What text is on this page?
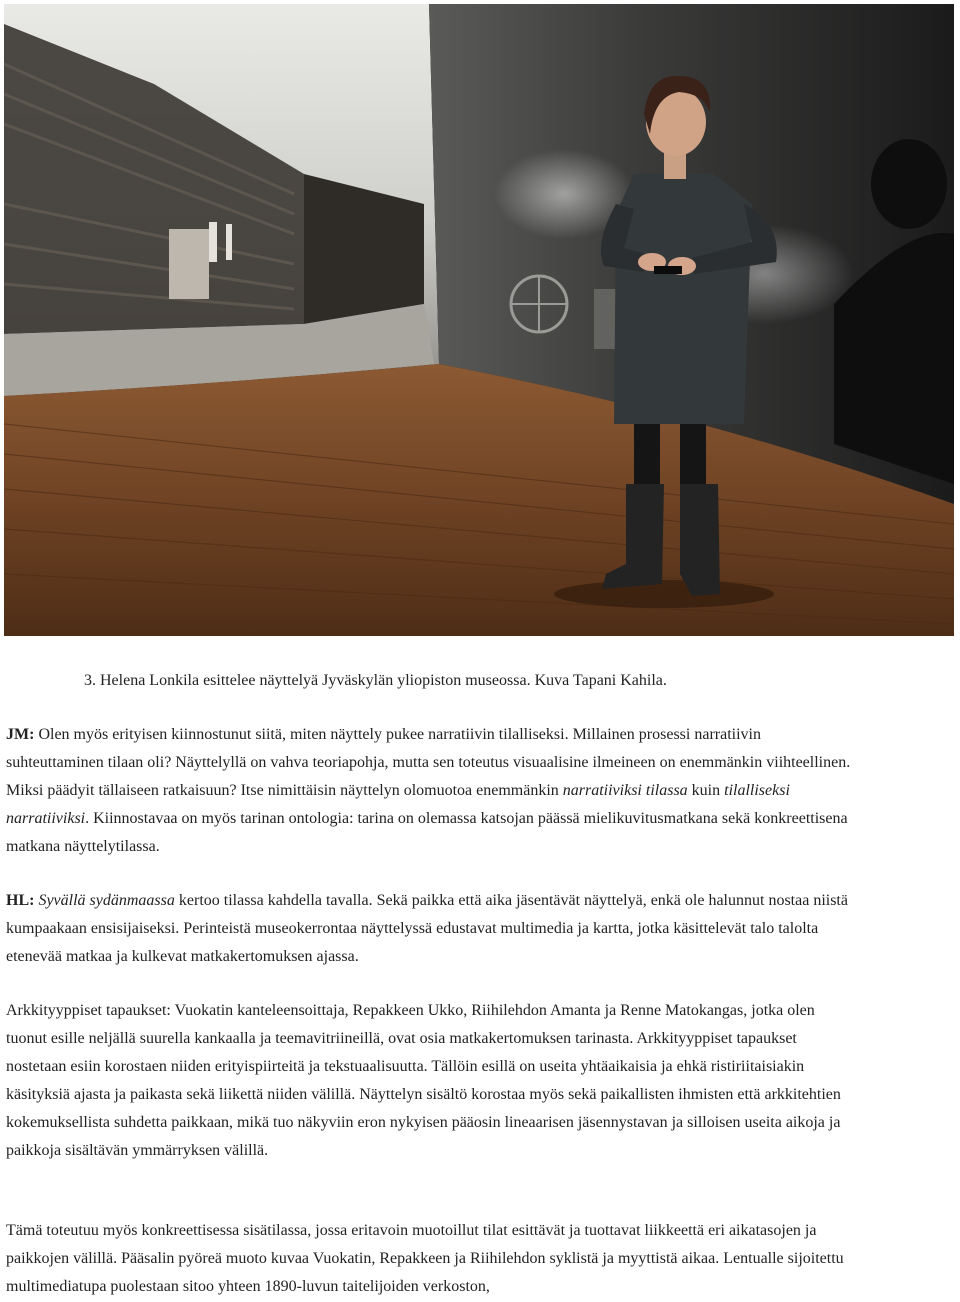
3. Helena Lonkila esittelee näyttelyä Jyväskylän yliopiston museossa. Kuva Tapani Kahila.

JM: Olen myös erityisen kiinnostunut siitä, miten näyttely pukee narratiivin tilalliseksi. Millainen prosessi narratiivin suhteuttaminen tilaan oli? Näyttelyllä on vahva teoriapohja, mutta sen toteutus visuaalisine ilmeineen on enemmänkin viihteellinen. Miksi päädyit tällaiseen ratkaisuun? Itse nimittäisin näyttelyn olomuotoa enemmänkin narratiiviksi tilassa kuin tilalliseksi narratiiviksi. Kiinnostavaa on myös tarinan ontologia: tarina on olemassa katsojan päässä mielikuvitusmatkana sekä konkreettisena matkana näyttelytilassa.

HL: Syvällä sydänmaassa kertoo tilassa kahdella tavalla. Sekä paikka että aika jäsentävät näyttelyä, enkä ole halunnut nostaa niistä kumpaakaan ensisijaiseksi. Perinteistä museokerrontaa näyttelyssä edustavat multimedia ja kartta, jotka käsittelevät talo talolta etenevää matkaa ja kulkevat matkakertomuksen ajassa.

Arkkityyppiset tapaukset: Vuokatin kanteleensoittaja, Repakkeen Ukko, Riihilehdon Amanta ja Renne Matokangas, jotka olen tuonut esille neljällä suurella kankaalla ja teemavitriineillä, ovat osia matkakertomuksen tarinasta. Arkkityyppiset tapaukset nostetaan esiin korostaen niiden erityispiirteitä ja tekstuaalisuutta. Tällöin esillä on useita yhtäaikaisia ja ehkä ristiriitaisiakin käsityksiä ajasta ja paikasta sekä liikettä niiden välillä. Näyttelyn sisältö korostaa myös sekä paikallisten ihmisten että arkkitehtien kokemuksellista suhdetta paikkaan, mikä tuo näkyviin eron nykyisen pääosin lineaarisen jäsennystavan ja silloisen useita aikoja ja paikkoja sisältävän ymmärryksen välillä.

Tämä toteutuu myös konkreettisessa sisätilassa, jossa eritavoin muotoillut tilat esittävät ja tuottavat liikkeettä eri aikatasojen ja paikkojen välillä. Pääsalin pyöreä muoto kuvaa Vuokatin, Repakkeen ja Riihilehdon syklistä ja myyttistä aikaa. Lentualle sijoitettu multimediatupa puolestaan sitoo yhteen 1890-luvun taitelijoiden verkoston,
